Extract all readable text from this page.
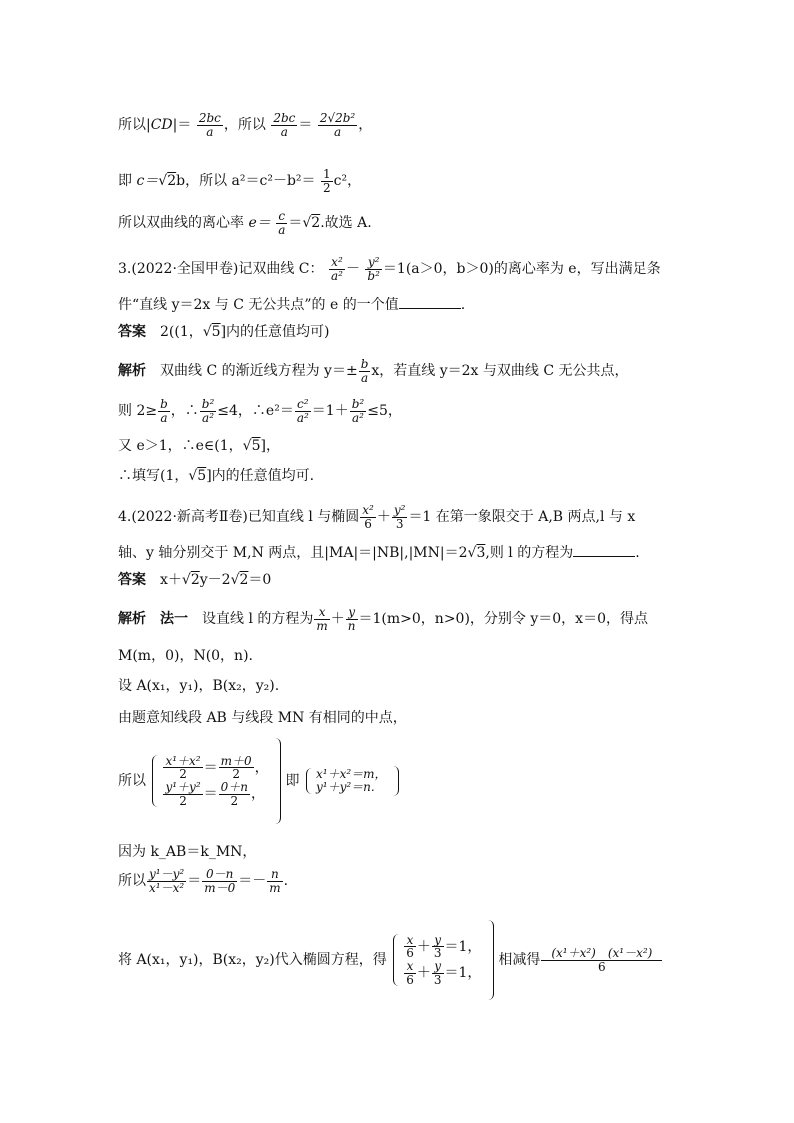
所以$|CD|= \frac{2bc}{a}$ ，所以 $\frac{2bc}{a} = \frac{\text{2√2b²}}{a}$ ，
即 c＝√2b，所以 $a^2=c^2-b^2= \frac{1}{2} c^2$，
所以双曲线的离心率 $e= \frac{c}{a} =√2$.故选 A.
3.(2022·全国甲卷)记双曲线 C： $\frac{\text{x²}}{\text{a²}} - \frac{\text{y²}}{\text{b²}} =1(a>0$，b＞0)的离心率为 e，写出满足条
件“直线 y＝2x 与 C 无公共点”的 e 的一个值	.
答案　 2((1，√5]内的任意值均可)
解析　 双曲线 C 的渐近线方程为 $y=\pm \frac{b}{a}$ x，若直线 y＝2x 与双曲线 C 无公共点，
则 $2\ge \frac{b}{a}$ ，∴ $\frac{\text{b²}}{\text{a²}} \le 4$，∴e²＝ $\frac{\text{c²}}{\text{a²}} =1+ \frac{\text{b²}}{\text{a²}} \le 5$，
又 e＞1，∴e∈(1，√5]，
∴填写(1，√5]内的任意值均可.
4.(2022·新高考Ⅱ卷)已知直线 l 与椭圆 $\frac{\text{x²}}{6} + \frac{\text{y²}}{3} =1$ 在第一象限交于 A,B 两点,l 与 x
轴、y 轴分别交于 M,N 两点，且|MA|＝|NB|,|MN|＝2√3,则 l 的方程为	.
答案　 x＋√2y－2√2＝0
解析　 法一　 设直线 l 的方程为 $\frac{x}{m} + \frac{y}{n} =1(m>0$，n>0)，分别令 y＝0，x＝0，得点
M(m，0)，N(0，n).
设 A(x₁，y₁)，B(x₂，y₂).
由题意知线段 AB 与线段 MN 有相同的中点，
所以 $\frac{\text{x¹＋x²}}{2} = \frac{m+0}{2}$ ，
$\frac{\text{y¹＋y²}}{2} = \frac{0+n}{2}$ ，
即 x¹＋x²＝m，
y¹＋y²＝n.

因为 k_AB＝k_MN，
所以 $\frac{\text{y¹－y²}}{\text{x¹－x²}} = \frac{0-n}{m-0} =- \frac{n}{m}$ .
将 A(x₁，y₁)，B(x₂，y₂)代入椭圆方程，得 $\frac{x}{6} + \frac{y}{3} =1$，
$\frac{x}{6} + \frac{y}{3} =1$，
相减得 $\frac{\text{(x¹＋x²)　(x¹－x²)}}{6}$
